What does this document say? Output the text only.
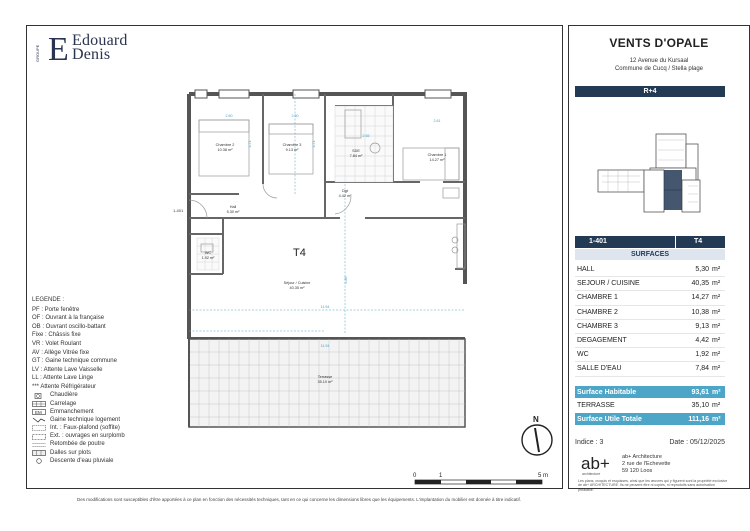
E
GROUPE
Edouard
Denis
Chambre 2
10.38 m²
Chambre 3
9.13 m²	SDE
7.84 m²	Chambre 1
14.27 m²
Hall
5.30 m²
Dgt
4.42 m²
WC
1.92 m²
Séjour / Cuisine
40.35 m²
Terrasse
35.10 m²
2.60	2.50
2.61
2.65
11.94
11.94
3.71	3.71
6.86
1-401
T4
LEGENDE :
PF : Porte fenêtre
OF : Ouvrant à la française
OB : Ouvrant oscillo-battant
Fixe : Châssis fixe
VR : Volet Roulant
AV : Allège Vitrée fixe
GT : Gaine technique commune
LV : Attente Lave Vaisselle
LL : Attente Lave Linge
*** Attente Réfrigérateur
Chaudière
Carrelage
EM Emmanchement
Gaine technique logement
Int. : Faux-plafond (soffite)
Ext. : ouvrages en surplomb
Retombée de poutre
Dalles sur plots
Descente d'eau pluviale
N
0	1	5 m
Des modifications sont susceptibles d'être apportées à ce plan en fonction des nécessités techniques, tant en ce qui concerne les dimensions libres que les équipements. L'implantation du mobilier est donnée à titre indicatif.
VENTS D'OPALE
12 Avenue du Kursaal
Commune de Cucq / Stella plage
R+4
1-401	T4
SURFACES
HALL	5,30 m²
SEJOUR / CUISINE	40,35 m²
CHAMBRE 1	14,27 m²
CHAMBRE 2	10,38 m²
CHAMBRE 3	9,13 m²
DEGAGEMENT	4,42 m²
WC	1,92 m²
SALLE D'EAU	7,84 m²
Surface Habitable	93,61 m²
TERRASSE	35,10 m²
Surface Utile Totale	111,16 m²
Indice : 3	Date : 05/12/2025
ab+
architecture
ab+ Architecture
2 rue de l'Echevette
59 120 Loos
Les plans, croquis et esquisses, ainsi que les œuvres qui y figurent sont la propriété exclusive de ab+ ARCHITECTURE. Ils ne peuvent être ni copiés, ni reproduits sans autorisation préalable.
